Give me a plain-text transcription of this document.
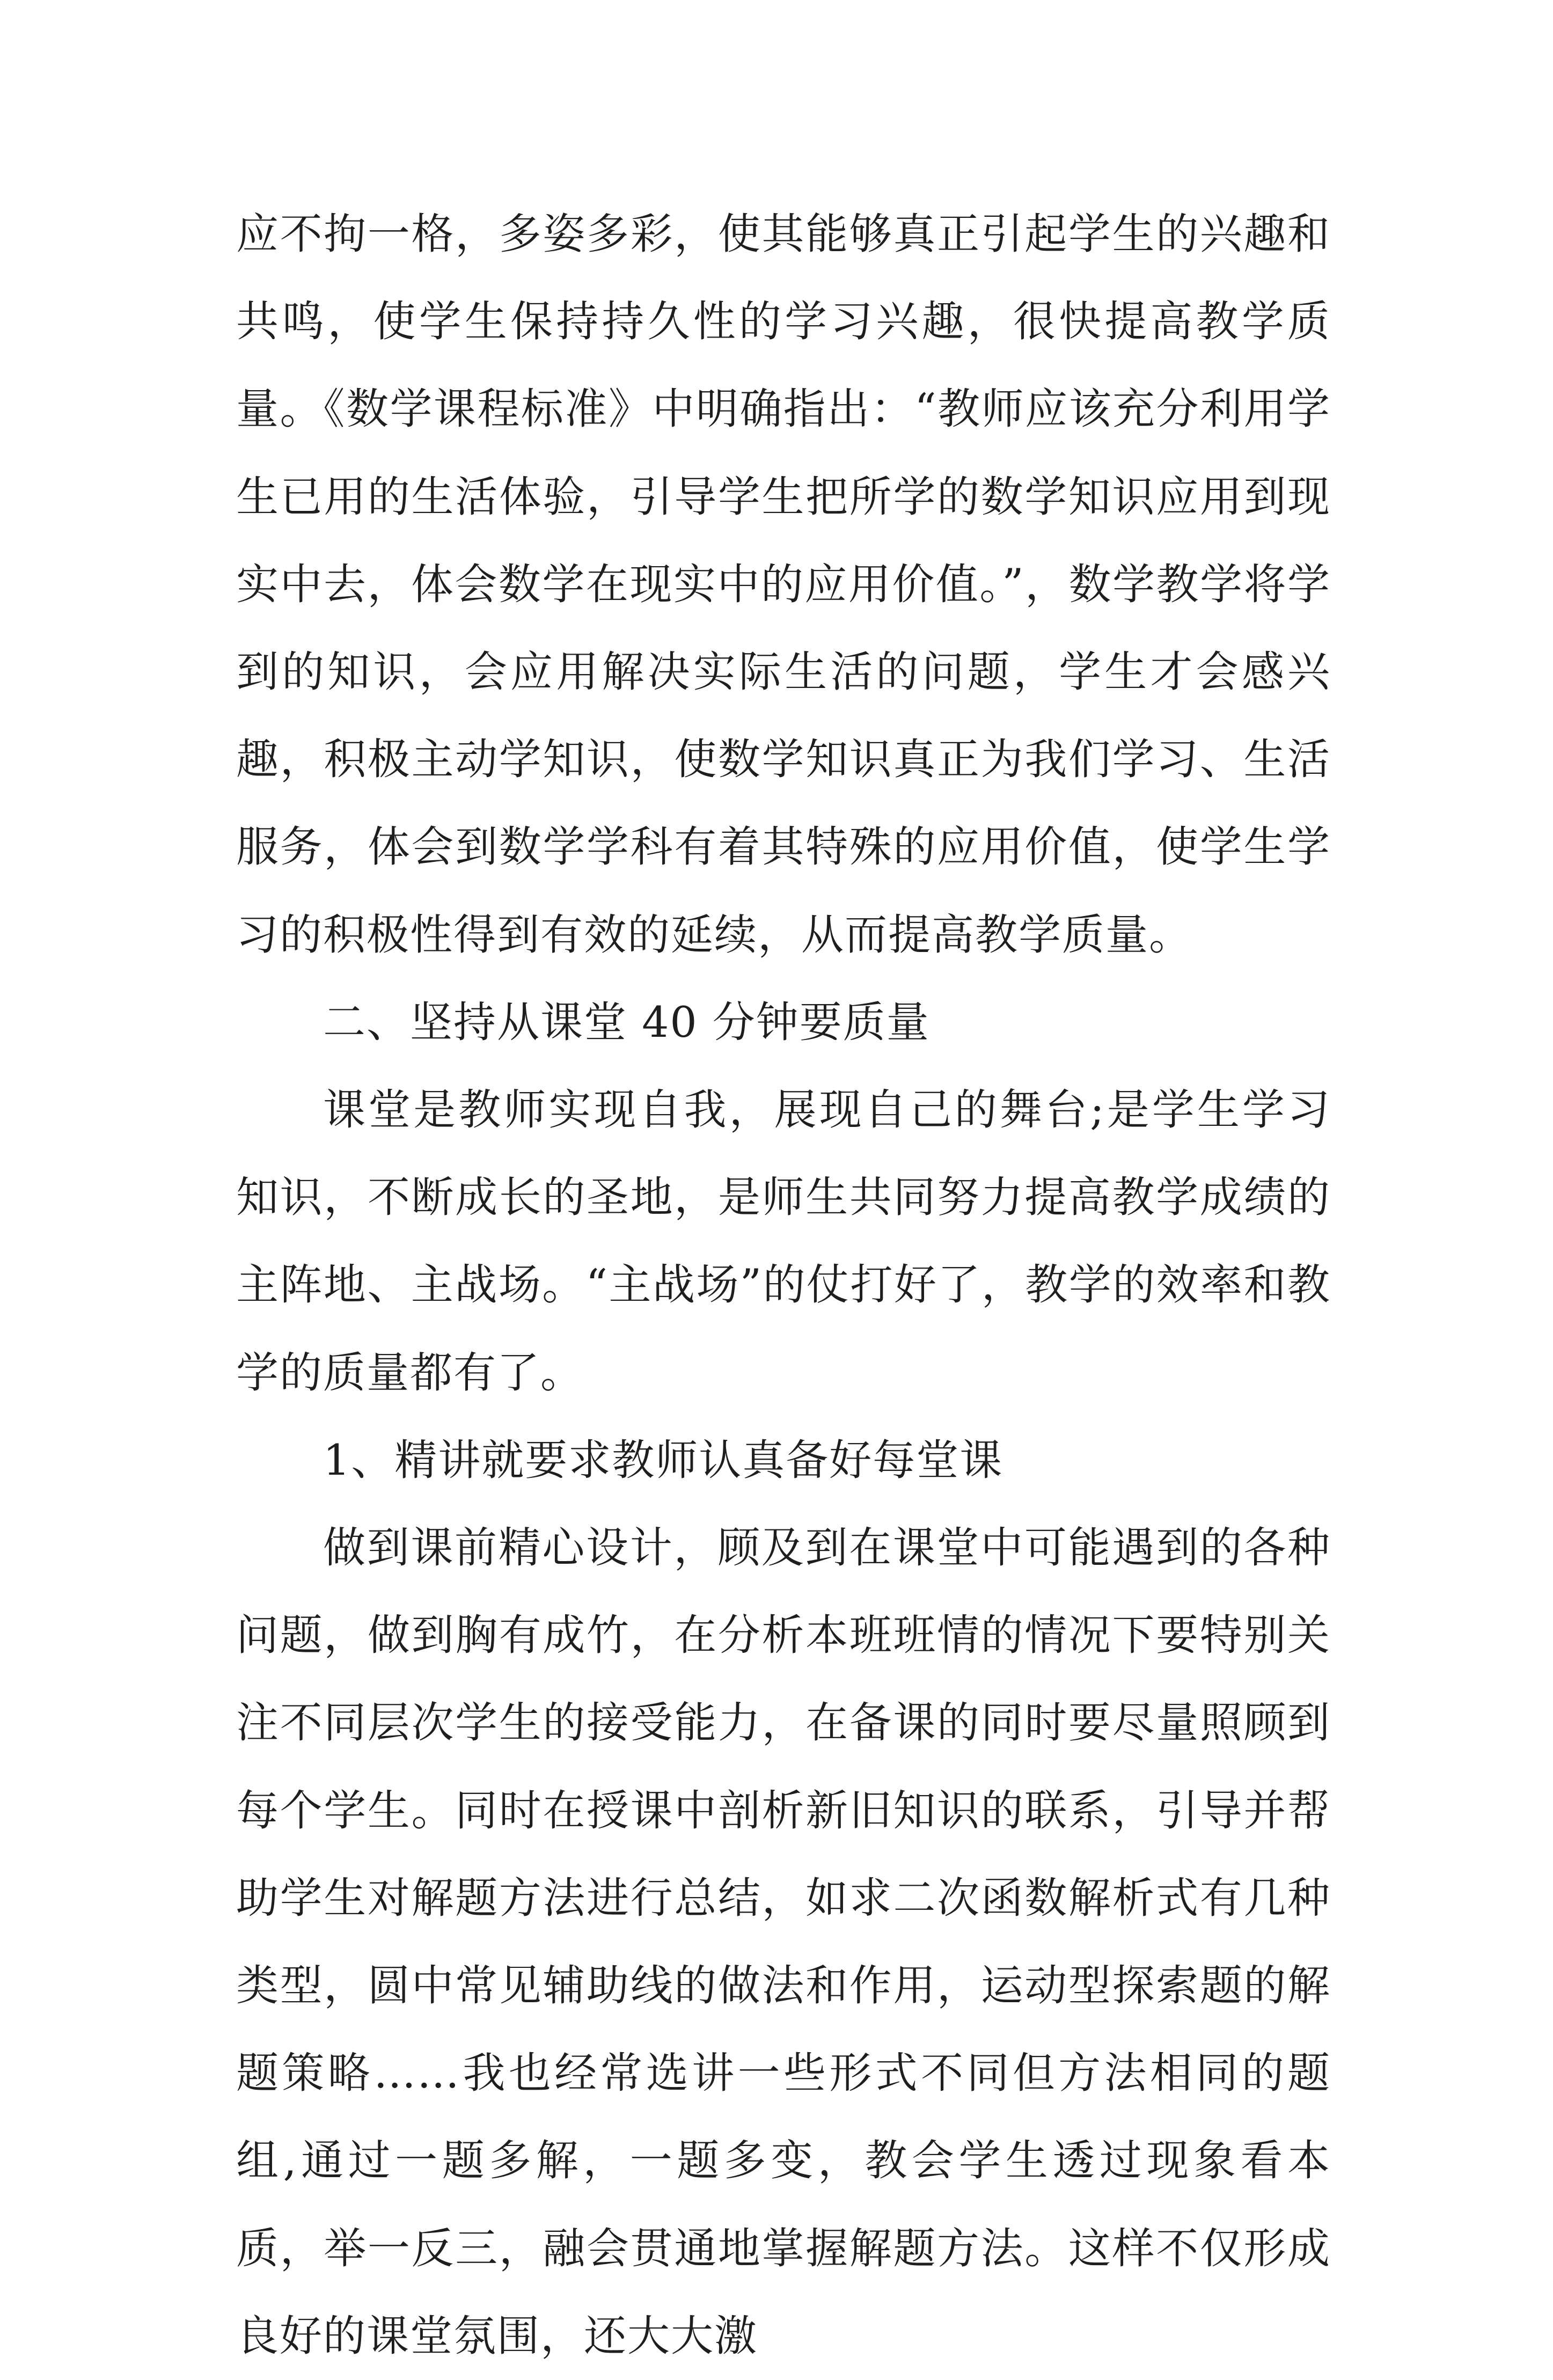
应不拘一格，多姿多彩，使其能够真正引起学生的兴趣和共鸣，使学生保持持久性的学习兴趣，很快提高教学质量。《数学课程标准》中明确指出：“教师应该充分利用学生已用的生活体验，引导学生把所学的数学知识应用到现实中去，体会数学在现实中的应用价值。”，数学教学将学到的知识，会应用解决实际生活的问题，学生才会感兴趣，积极主动学知识，使数学知识真正为我们学习、生活服务，体会到数学学科有着其特殊的应用价值，使学生学习的积极性得到有效的延续，从而提高教学质量。

二、坚持从课堂 40 分钟要质量

课堂是教师实现自我，展现自己的舞台;是学生学习知识，不断成长的圣地，是师生共同努力提高教学成绩的主阵地、主战场。“主战场”的仗打好了，教学的效率和教学的质量都有了。

1、精讲就要求教师认真备好每堂课

做到课前精心设计，顾及到在课堂中可能遇到的各种问题，做到胸有成竹，在分析本班班情的情况下要特别关注不同层次学生的接受能力，在备课的同时要尽量照顾到每个学生。同时在授课中剖析新旧知识的联系，引导并帮助学生对解题方法进行总结，如求二次函数解析式有几种类型，圆中常见辅助线的做法和作用，运动型探索题的解题策略……我也经常选讲一些形式不同但方法相同的题组,通过一题多解，一题多变，教会学生透过现象看本质，举一反三，融会贯通地掌握解题方法。这样不仅形成良好的课堂氛围，还大大激
